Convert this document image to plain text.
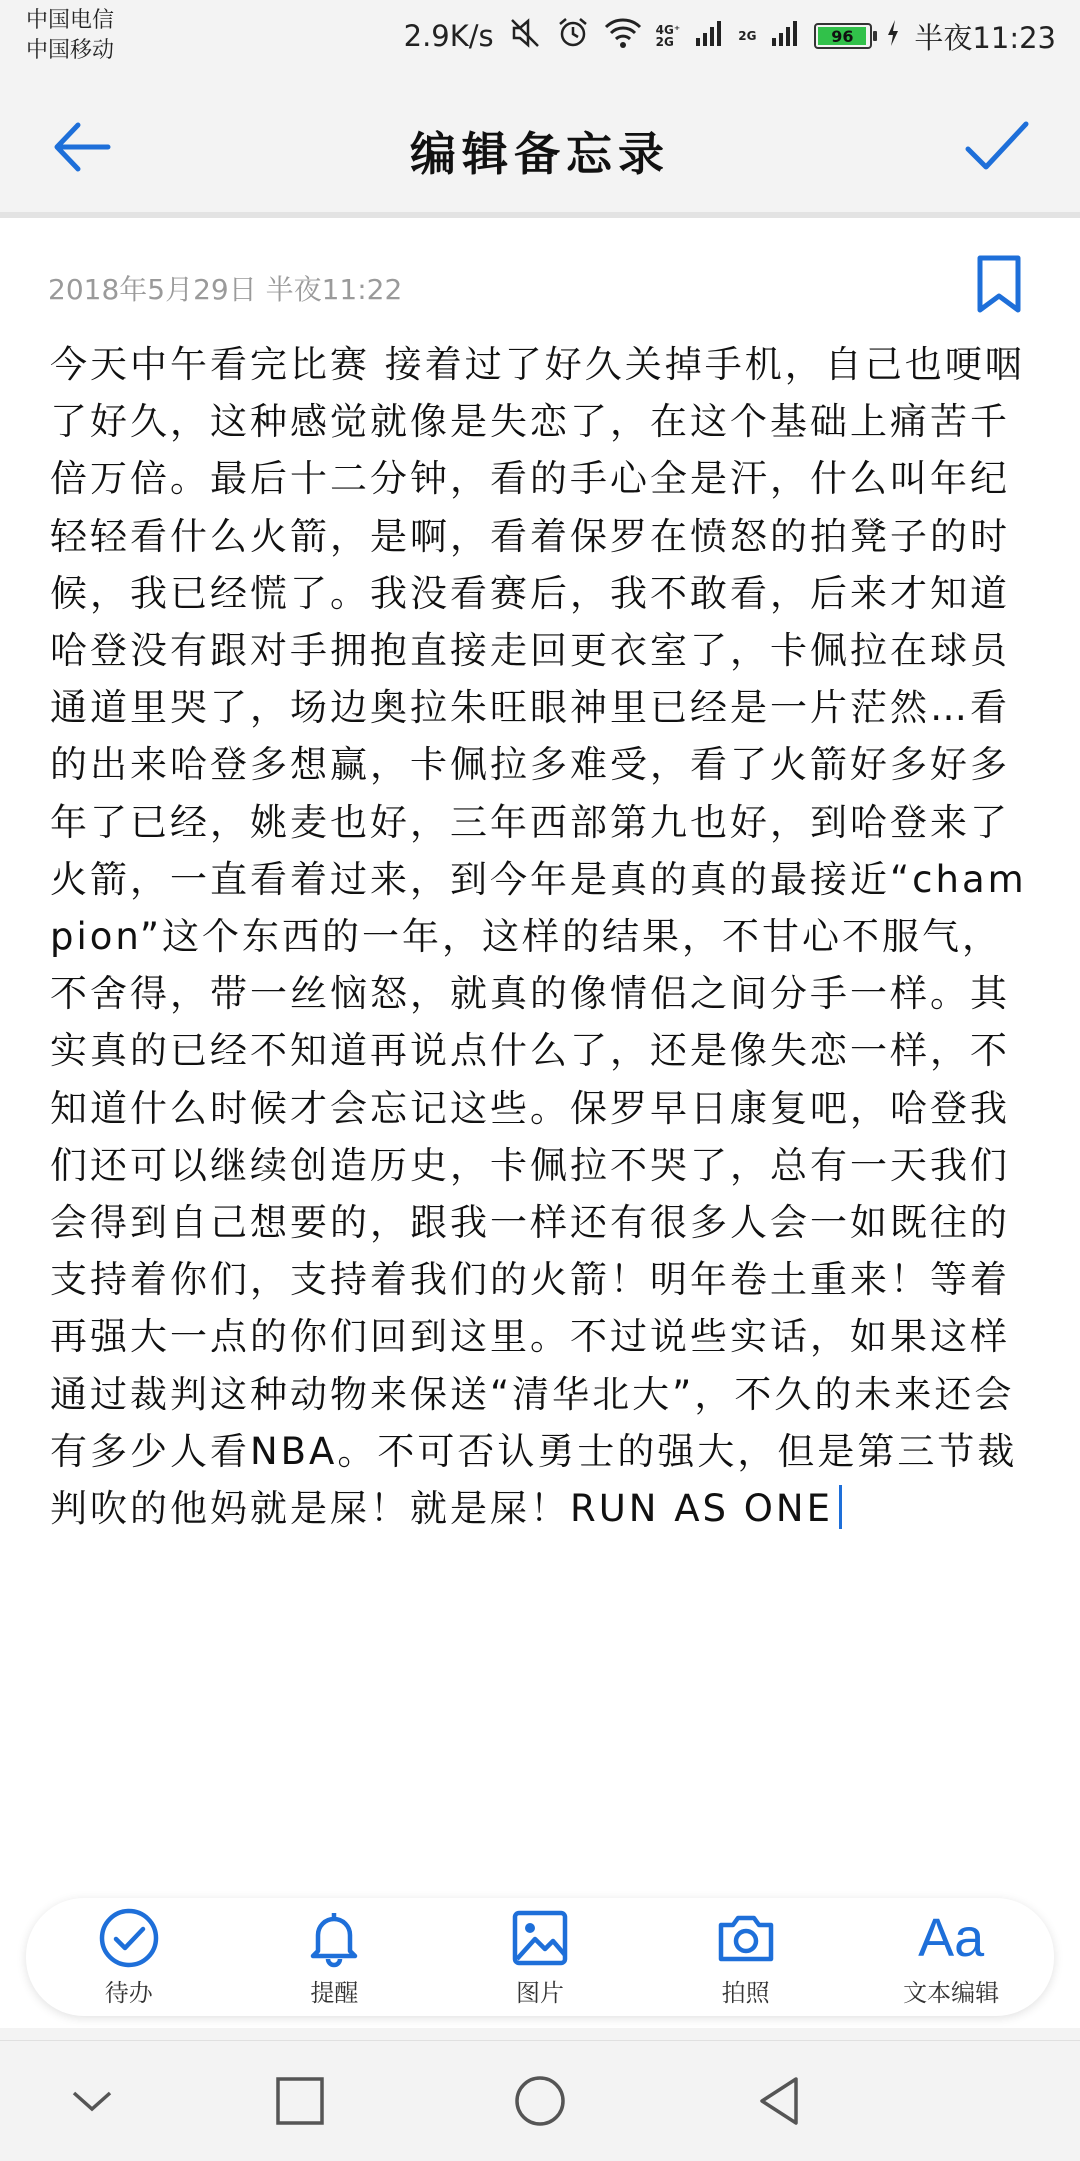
中国电信
中国移动	2.9K/s	4G⁺
2G	2G	96	半夜11:23
编辑备忘录
2018年5月29日 半夜11:22
今天中午看完比赛 接着过了好久关掉手机，自己也哽咽了好久，这种感觉就像是失恋了，在这个基础上痛苦千倍万倍。最后十二分钟，看的手心全是汗，什么叫年纪轻轻看什么火箭，是啊，看着保罗在愤怒的拍凳子的时候，我已经慌了。我没看赛后，我不敢看，后来才知道哈登没有跟对手拥抱直接走回更衣室了，卡佩拉在球员通道里哭了，场边奥拉朱旺眼神里已经是一片茫然…看的出来哈登多想赢，卡佩拉多难受，看了火箭好多好多年了已经，姚麦也好，三年西部第九也好，到哈登来了火箭，一直看着过来，到今年是真的真的最接近“champion”这个东西的一年，这样的结果，不甘心不服气，不舍得，带一丝恼怒，就真的像情侣之间分手一样。其实真的已经不知道再说点什么了，还是像失恋一样，不知道什么时候才会忘记这些。保罗早日康复吧，哈登我们还可以继续创造历史，卡佩拉不哭了，总有一天我们会得到自己想要的，跟我一样还有很多人会一如既往的支持着你们，支持着我们的火箭！明年卷土重来！等着再强大一点的你们回到这里。不过说些实话，如果这样通过裁判这种动物来保送“清华北大”，不久的未来还会有多少人看NBA。不可否认勇士的强大，但是第三节裁判吹的他妈就是屎！就是屎！RUN AS ONE
待办	提醒	图片	拍照
Aa
文本编辑
